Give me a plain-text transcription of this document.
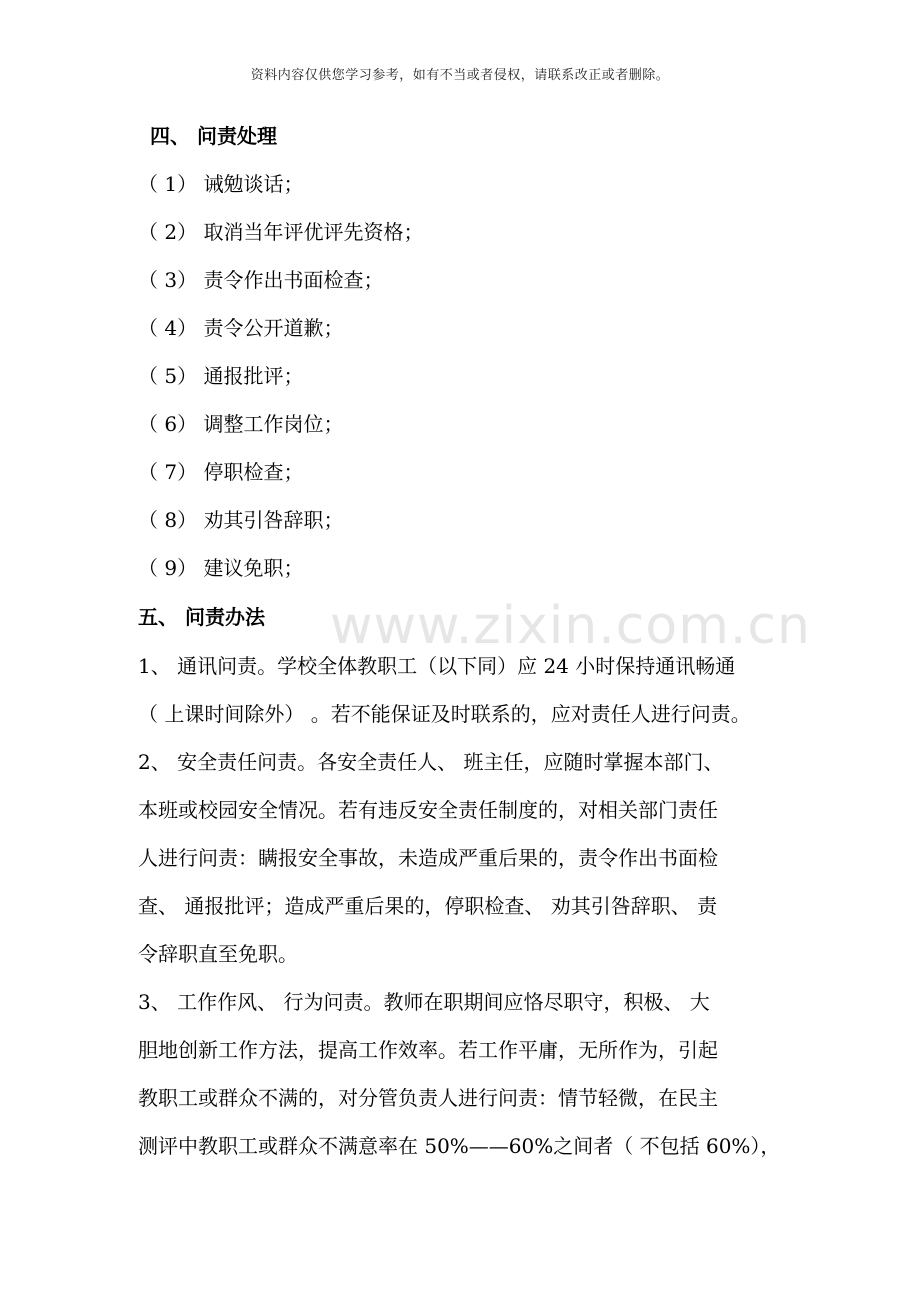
资料内容仅供您学习参考，如有不当或者侵权，请联系改正或者删除。
www.zixin.com.cn
四、 问责处理
（ 1） 诫勉谈话；
（ 2） 取消当年评优评先资格；
（ 3） 责令作出书面检查；
（ 4） 责令公开道歉；
（ 5） 通报批评；
（ 6） 调整工作岗位；
（ 7） 停职检查；
（ 8） 劝其引咎辞职；
（ 9） 建议免职；
五、 问责办法
1、 通讯问责。学校全体教职工（以下同）应 24 小时保持通讯畅通
（ 上课时间除外） 。若不能保证及时联系的，应对责任人进行问责。
2、 安全责任问责。各安全责任人、 班主任，应随时掌握本部门、
本班或校园安全情况。若有违反安全责任制度的，对相关部门责任
人进行问责：瞒报安全事故，未造成严重后果的，责令作出书面检
查、 通报批评；造成严重后果的，停职检查、 劝其引咎辞职、 责
令辞职直至免职。
3、 工作作风、 行为问责。教师在职期间应恪尽职守，积极、 大
胆地创新工作方法，提高工作效率。若工作平庸，无所作为，引起
教职工或群众不满的，对分管负责人进行问责：情节轻微，在民主
测评中教职工或群众不满意率在 50%——60%之间者（ 不包括 60%），
